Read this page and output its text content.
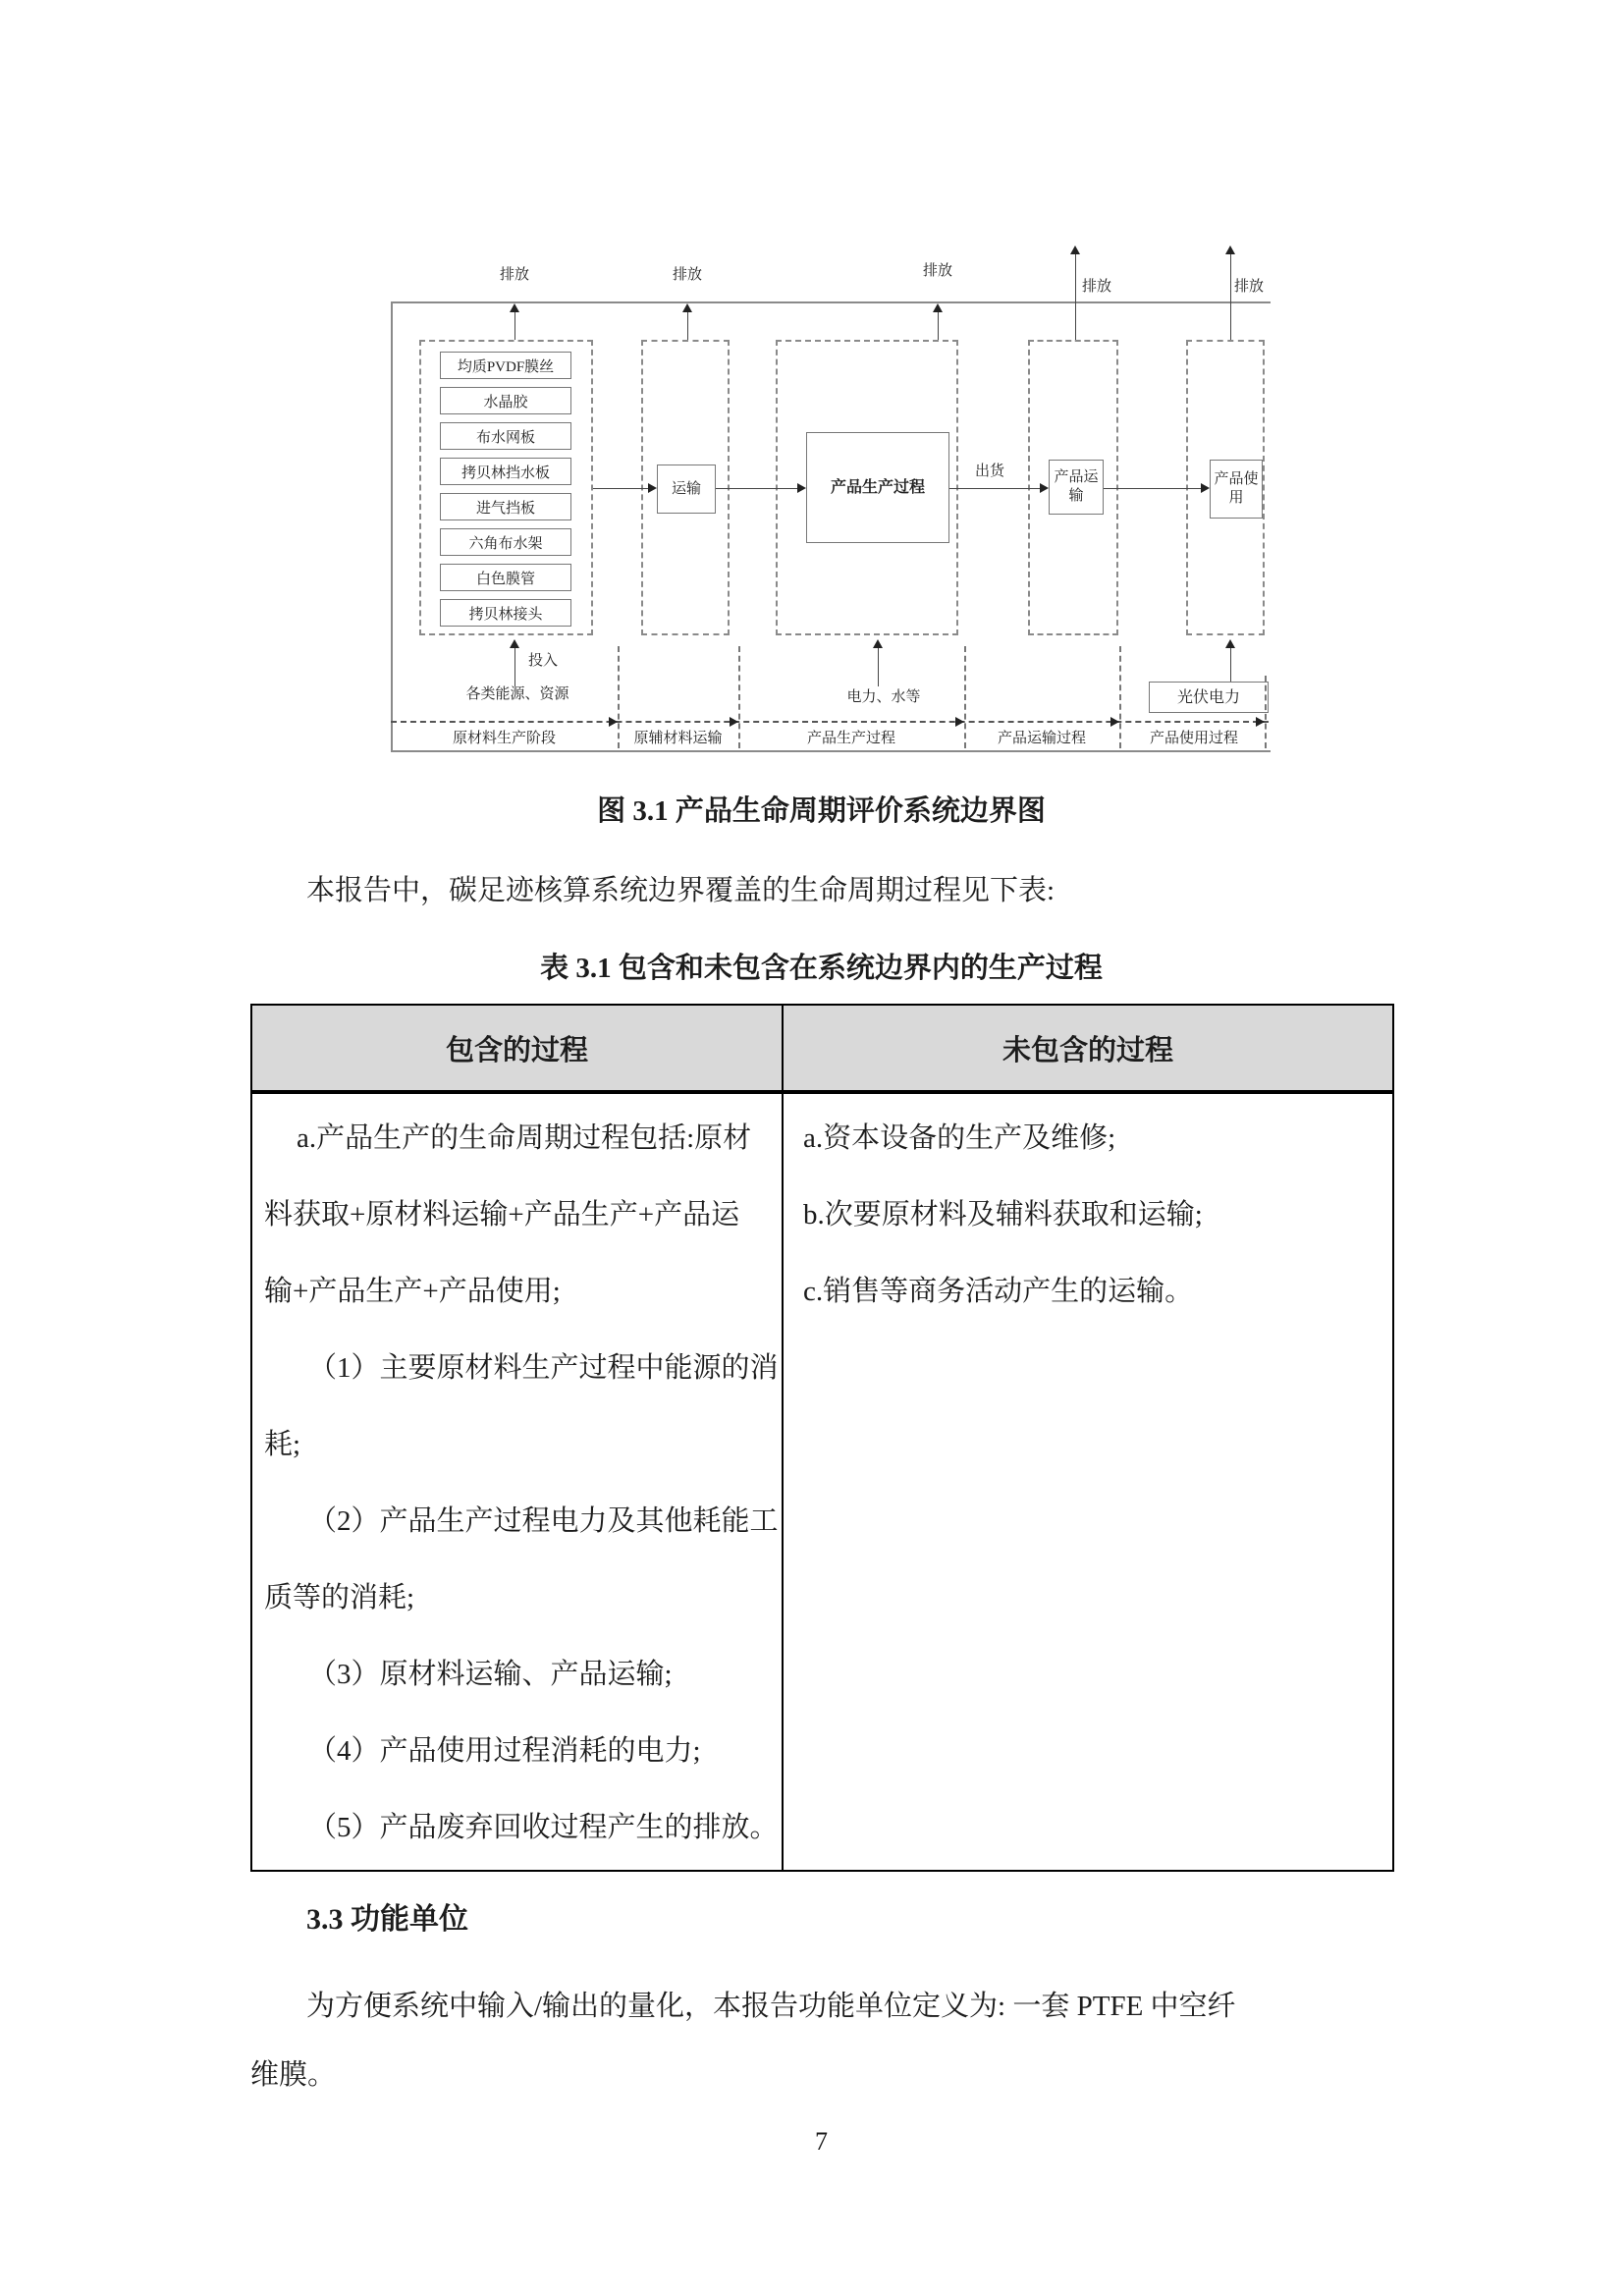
均质PVDF膜丝
水晶胶
布水网板
拷贝林挡水板
进气挡板
六角布水架
白色膜管
拷贝林接头
运输	产品生产过程
产品运输
产品使用
光伏电力
出货
排放	排放	排放
排放	排放
投入
各类能源、资源	电力、水等
原材料生产阶段	原辅材料运输	产品生产过程	产品运输过程	产品使用过程
图 3.1 产品生命周期评价系统边界图
本报告中，碳足迹核算系统边界覆盖的生命周期过程见下表:
表 3.1 包含和未包含在系统边界内的生产过程
包含的过程	未包含的过程

a.产品生产的生命周期过程包括:原材
料获取+原材料运输+产品生产+产品运
输+产品生产+产品使用;
（1）主要原材料生产过程中能源的消
耗;
（2）产品生产过程电力及其他耗能工
质等的消耗;
（3）原材料运输、产品运输;
（4）产品使用过程消耗的电力;
（5）产品废弃回收过程产生的排放。

a.资本设备的生产及维修;
b.次要原材料及辅料获取和运输;
c.销售等商务活动产生的运输。
3.3 功能单位
为方便系统中输入/输出的量化，本报告功能单位定义为: 一套 PTFE 中空纤
维膜。
7
